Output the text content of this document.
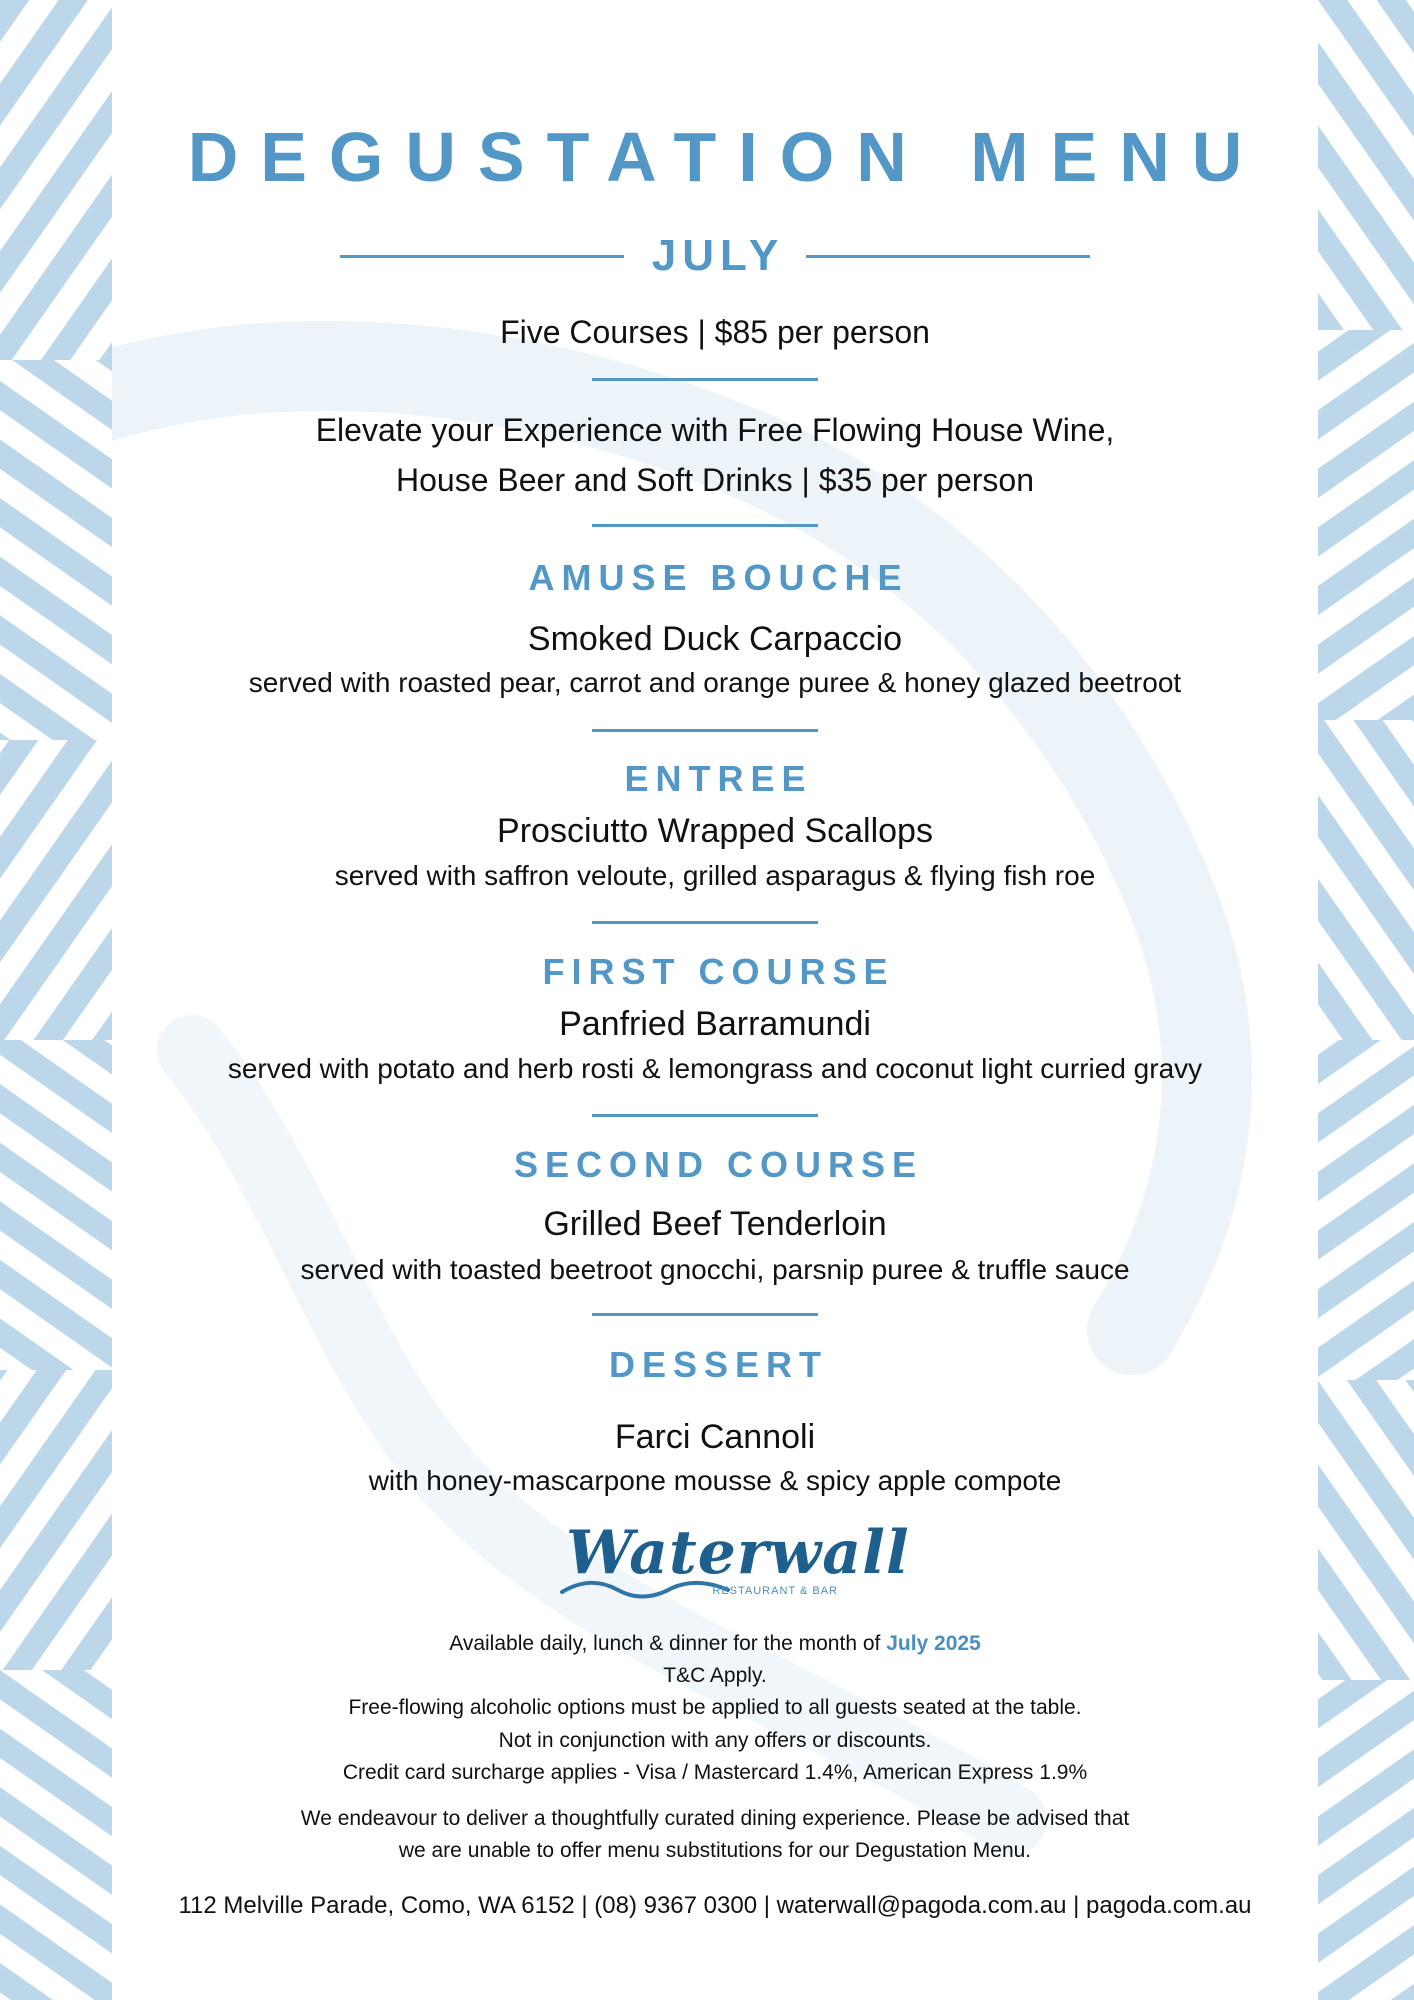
DEGUSTATION MENU
JULY
Five Courses | $85 per person
Elevate your Experience with Free Flowing House Wine,
House Beer and Soft Drinks | $35 per person
AMUSE BOUCHE
Smoked Duck Carpaccio
served with roasted pear, carrot and orange puree & honey glazed beetroot
ENTREE
Prosciutto Wrapped Scallops
served with saffron veloute, grilled asparagus & flying fish roe
FIRST COURSE
Panfried Barramundi
served with potato and herb rosti & lemongrass and coconut light curried gravy
SECOND COURSE
Grilled Beef Tenderloin
served with toasted beetroot gnocchi, parsnip puree & truffle sauce
DESSERT
Farci Cannoli
with honey-mascarpone mousse & spicy apple compote
Waterwall
RESTAURANT & BAR
Available daily, lunch & dinner for the month of July 2025
T&C Apply.
Free-flowing alcoholic options must be applied to all guests seated at the table.
Not in conjunction with any offers or discounts.
Credit card surcharge applies - Visa / Mastercard 1.4%, American Express 1.9%
We endeavour to deliver a thoughtfully curated dining experience. Please be advised that
we are unable to offer menu substitutions for our Degustation Menu.
112 Melville Parade, Como, WA 6152 | (08) 9367 0300 | waterwall@pagoda.com.au | pagoda.com.au
